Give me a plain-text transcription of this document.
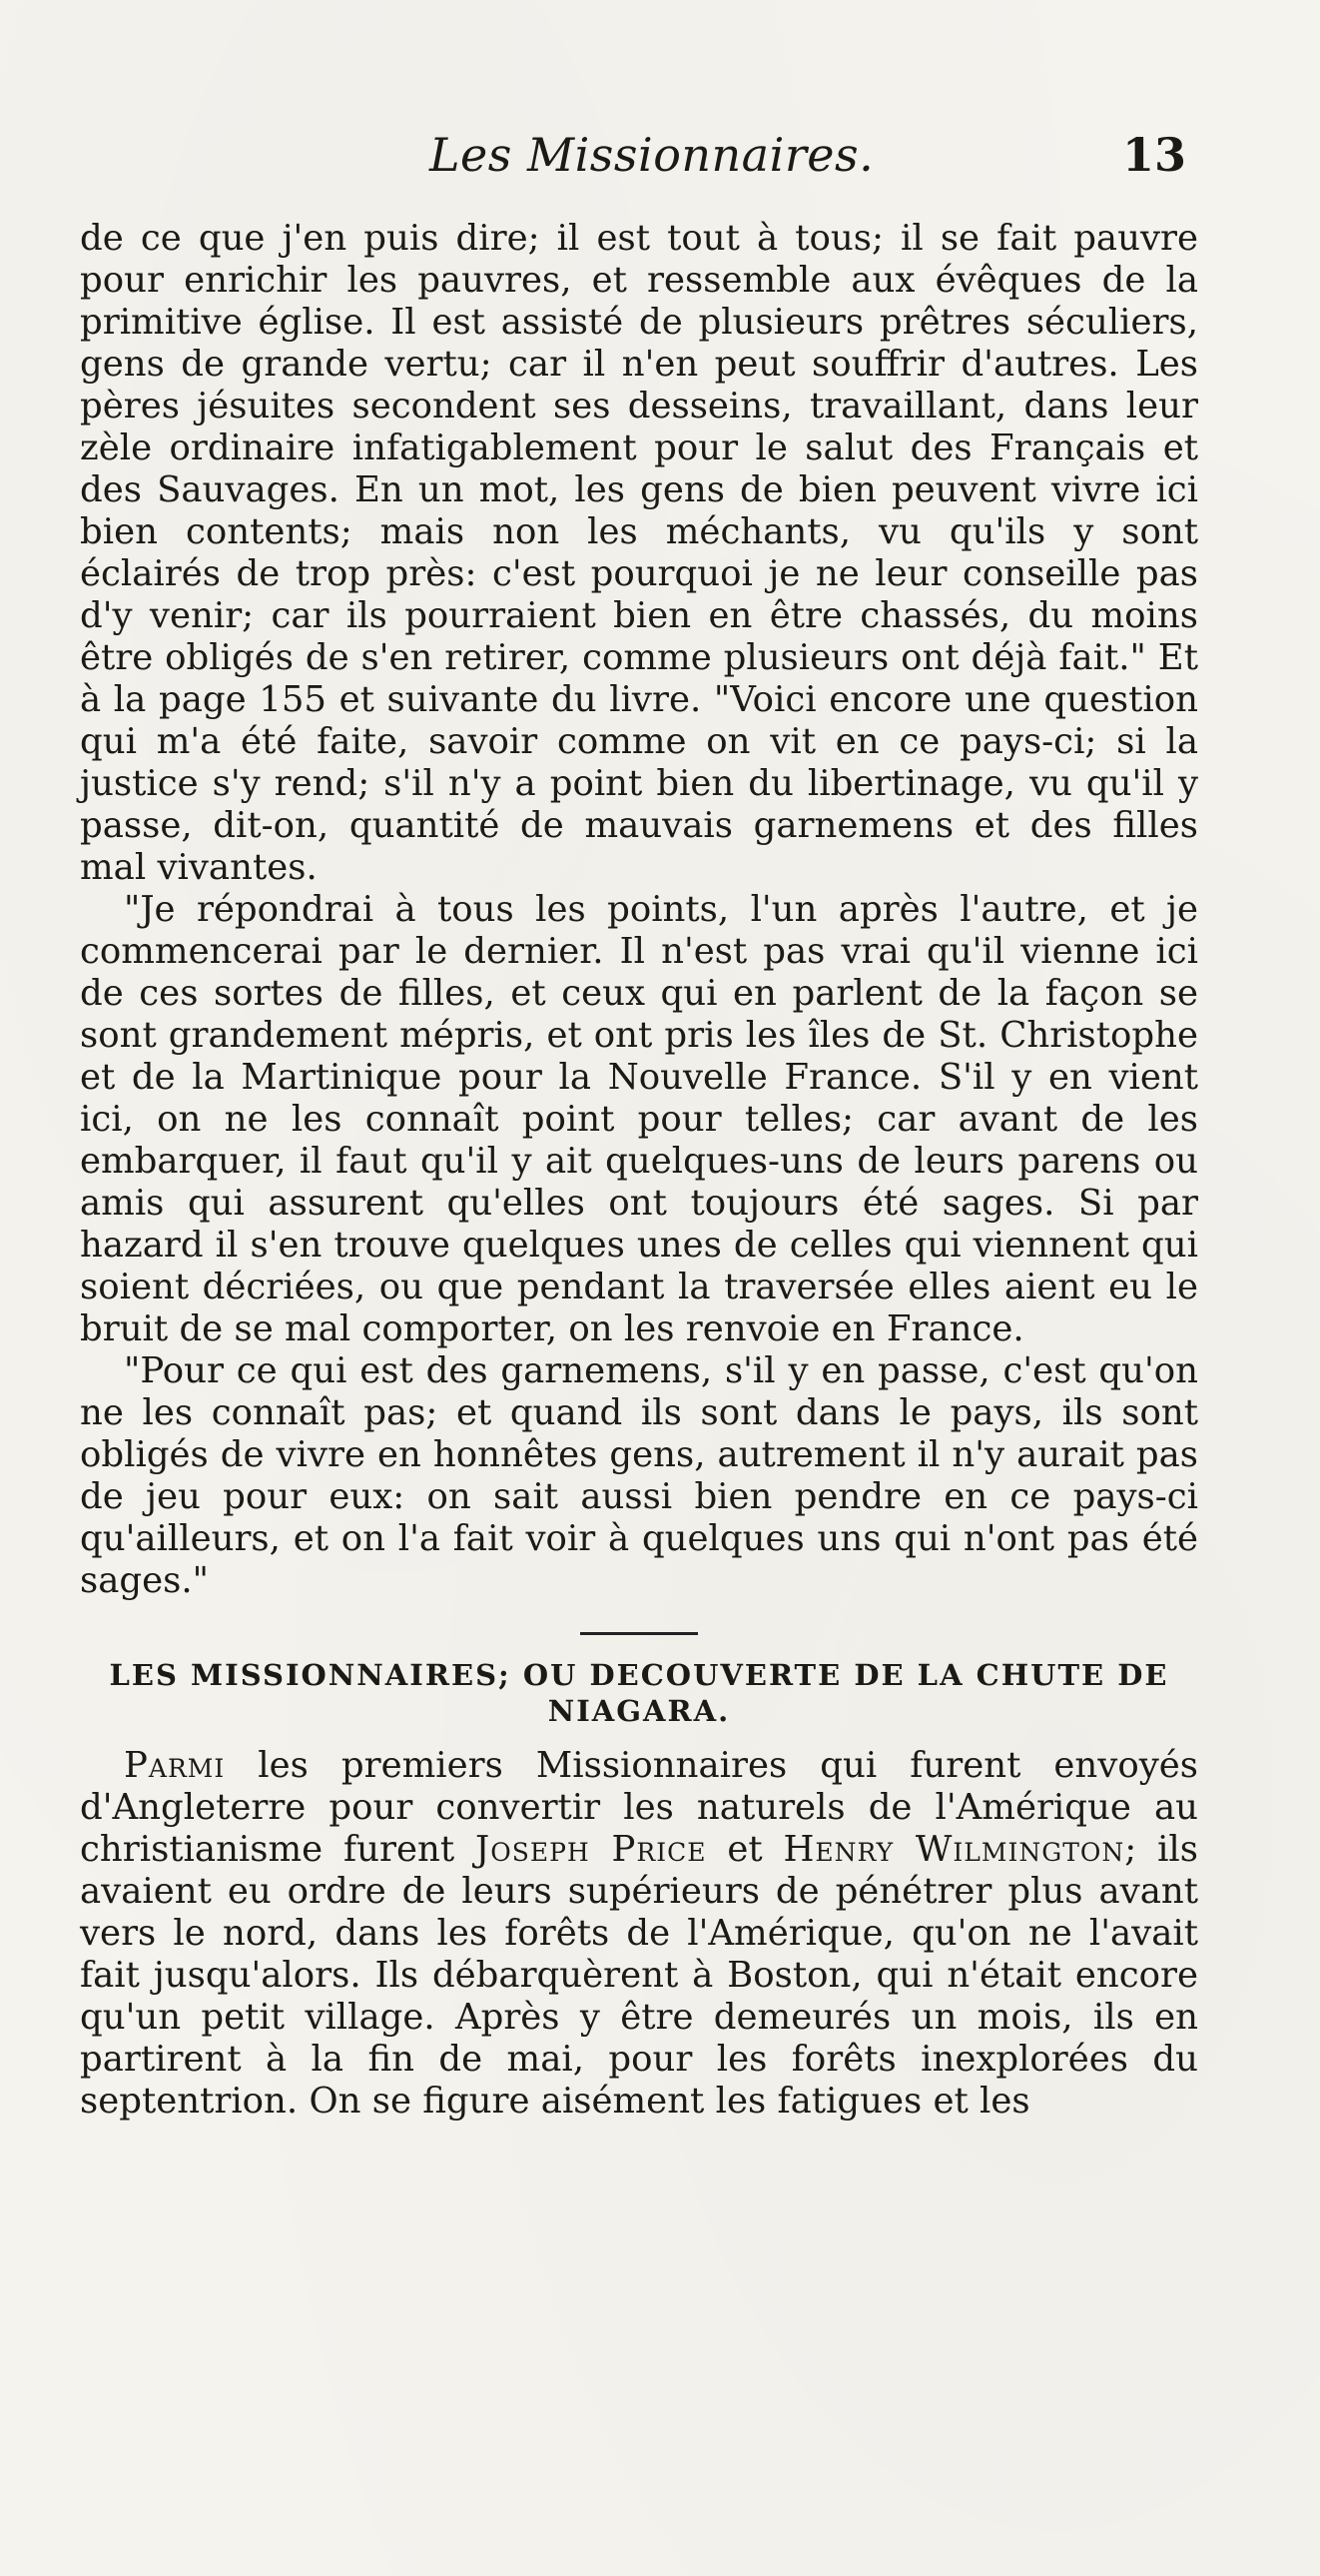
Les Missionnaires.	13

de ce que j'en puis dire; il est tout à tous; il se fait pauvre pour enrichir les pauvres, et ressemble aux évêques de la primitive église. Il est assisté de plusieurs prêtres séculiers, gens de grande vertu; car il n'en peut souffrir d'autres. Les pères jésuites secondent ses desseins, travaillant, dans leur zèle ordinaire infatigablement pour le salut des Français et des Sauvages. En un mot, les gens de bien peuvent vivre ici bien contents; mais non les méchants, vu qu'ils y sont éclairés de trop près: c'est pourquoi je ne leur conseille pas d'y venir; car ils pourraient bien en être chassés, du moins être obligés de s'en retirer, comme plusieurs ont déjà fait." Et à la page 155 et suivante du livre. "Voici encore une question qui m'a été faite, savoir comme on vit en ce pays-ci; si la justice s'y rend; s'il n'y a point bien du libertinage, vu qu'il y passe, dit-on, quantité de mauvais garnemens et des filles mal vivantes.

"Je répondrai à tous les points, l'un après l'autre, et je commencerai par le dernier. Il n'est pas vrai qu'il vienne ici de ces sortes de filles, et ceux qui en parlent de la façon se sont grandement mépris, et ont pris les îles de St. Christophe et de la Martinique pour la Nouvelle France. S'il y en vient ici, on ne les connaît point pour telles; car avant de les embarquer, il faut qu'il y ait quelques-uns de leurs parens ou amis qui assurent qu'elles ont toujours été sages. Si par hazard il s'en trouve quelques unes de celles qui viennent qui soient décriées, ou que pendant la traversée elles aient eu le bruit de se mal comporter, on les renvoie en France.

"Pour ce qui est des garnemens, s'il y en passe, c'est qu'on ne les connaît pas; et quand ils sont dans le pays, ils sont obligés de vivre en honnêtes gens, autrement il n'y aurait pas de jeu pour eux: on sait aussi bien pendre en ce pays-ci qu'ailleurs, et on l'a fait voir à quelques uns qui n'ont pas été sages."

LES MISSIONNAIRES; OU DECOUVERTE DE LA CHUTE DE NIAGARA.

Parmi les premiers Missionnaires qui furent envoyés d'Angleterre pour convertir les naturels de l'Amérique au christianisme furent Joseph Price et Henry Wilmington; ils avaient eu ordre de leurs supérieurs de pénétrer plus avant vers le nord, dans les forêts de l'Amérique, qu'on ne l'avait fait jusqu'alors. Ils débarquèrent à Boston, qui n'était encore qu'un petit village. Après y être demeurés un mois, ils en partirent à la fin de mai, pour les forêts inexplorées du septentrion. On se figure aisément les fatigues et les
